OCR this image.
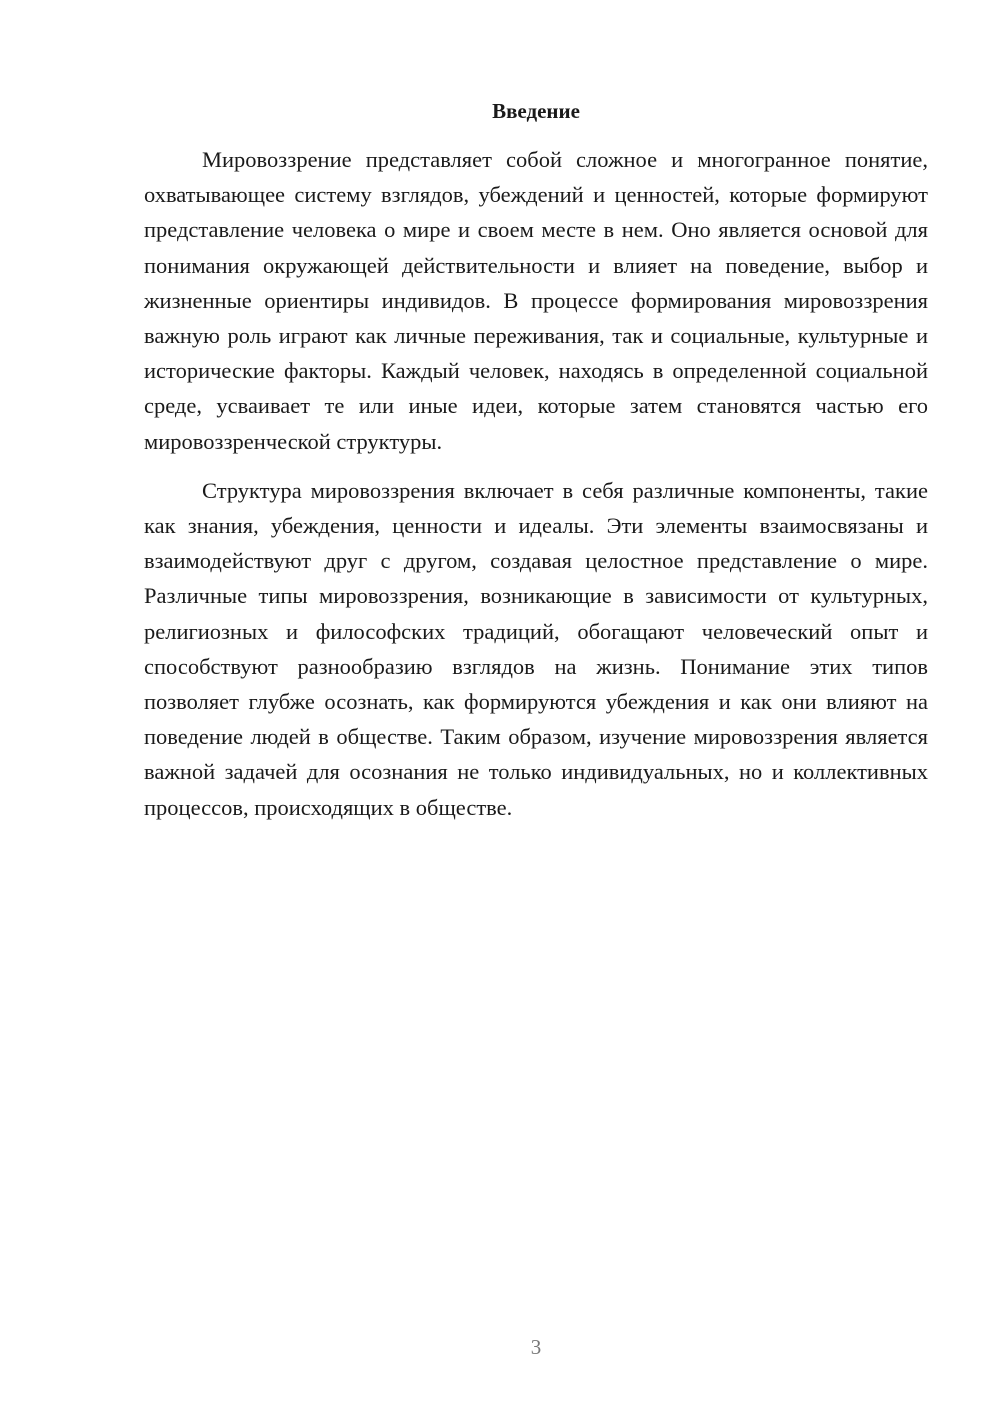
Введение

Мировоззрение представляет собой сложное и многогранное понятие, охватывающее систему взглядов, убеждений и ценностей, которые формируют представление человека о мире и своем месте в нем. Оно является основой для понимания окружающей действительности и влияет на поведение, выбор и жизненные ориентиры индивидов. В процессе формирования мировоззрения важную роль играют как личные переживания, так и социальные, культурные и исторические факторы. Каждый человек, находясь в определенной социальной среде, усваивает те или иные идеи, которые затем становятся частью его мировоззренческой структуры.

Структура мировоззрения включает в себя различные компоненты, такие как знания, убеждения, ценности и идеалы. Эти элементы взаимосвязаны и взаимодействуют друг с другом, создавая целостное представление о мире. Различные типы мировоззрения, возникающие в зависимости от культурных, религиозных и философских традиций, обогащают человеческий опыт и способствуют разнообразию взглядов на жизнь. Понимание этих типов позволяет глубже осознать, как формируются убеждения и как они влияют на поведение людей в обществе. Таким образом, изучение мировоззрения является важной задачей для осознания не только индивидуальных, но и коллективных процессов, происходящих в обществе.

3
